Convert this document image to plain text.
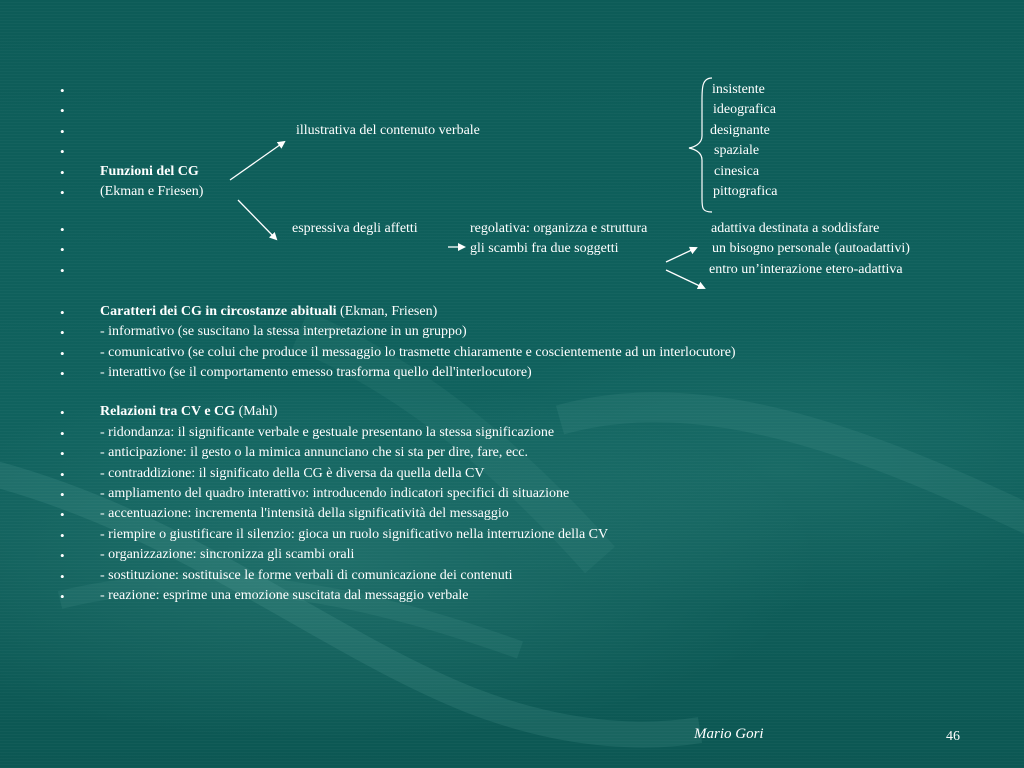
•
•
•
•
•
•
•
•
•
•
•
•
•
•
•
•
•
•
•
•
•
•
•
insistente
ideografica
illustrativa del contenuto verbale	designante
spaziale
Funzioni del CG	cinesica
(Ekman e Friesen)	pittografica
espressiva degli affetti	regolativa: organizza e struttura	adattiva destinata a soddisfare
gli scambi fra due soggetti	un bisogno personale (autoadattivi)
entro un’interazione etero-adattiva
Caratteri dei CG in circostanze abituali (Ekman, Friesen)
- informativo (se suscitano la stessa interpretazione in un gruppo)
- comunicativo (se colui che produce il messaggio lo trasmette chiaramente e coscientemente ad un interlocutore)
- interattivo (se il comportamento emesso trasforma quello dell'interlocutore)
Relazioni tra CV e CG (Mahl)
- ridondanza: il significante verbale e gestuale presentano la stessa significazione
- anticipazione: il gesto o la mimica annunciano che si sta per dire, fare, ecc.
- contraddizione: il significato della CG è diversa da quella della CV
- ampliamento del quadro interattivo: introducendo indicatori specifici di situazione
- accentuazione: incrementa l'intensità della significatività del messaggio
- riempire o giustificare il silenzio: gioca un ruolo significativo nella interruzione della CV
- organizzazione: sincronizza gli scambi orali
- sostituzione: sostituisce le forme verbali di comunicazione dei contenuti
- reazione: esprime una emozione suscitata dal messaggio verbale
Mario Gori	46
